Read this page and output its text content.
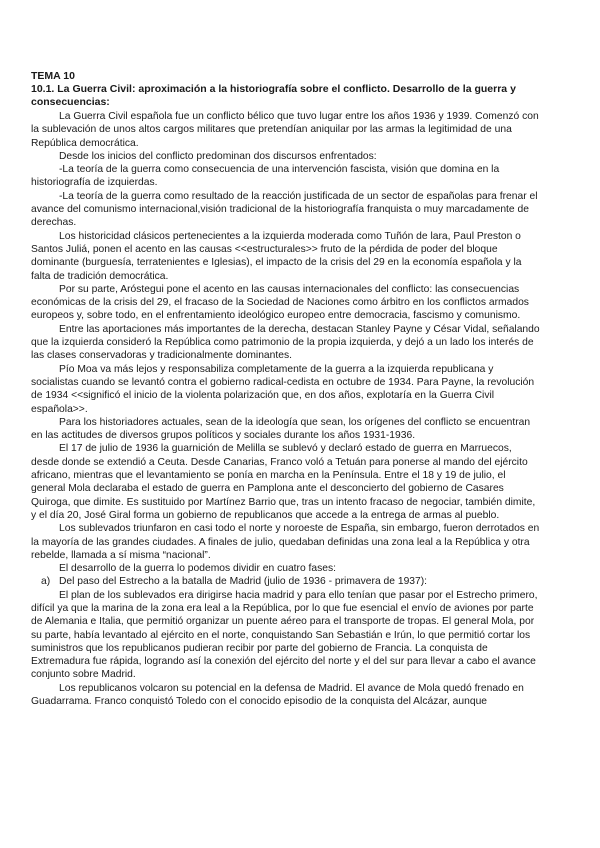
TEMA 10

10.1. La Guerra Civil: aproximación a la historiografía sobre el conflicto. Desarrollo de la guerra y consecuencias:

La Guerra Civil española fue un conflicto bélico que tuvo lugar entre los años 1936 y 1939. Comenzó con la sublevación de unos altos cargos militares que pretendían aniquilar por las armas la legitimidad de una República democrática.

Desde los inicios del conflicto predominan dos discursos enfrentados:

-La teoría de la guerra como consecuencia de una intervención fascista, visión que domina en la historiografía de izquierdas.

-La teoría de la guerra como resultado de la reacción justificada de un sector de españolas para frenar el avance del comunismo internacional,visión tradicional de la historiografía franquista o muy marcadamente de derechas.

Los historicidad clásicos pertenecientes a la izquierda moderada como Tuñón de lara, Paul Preston o Santos Juliá, ponen el acento en las causas <<estructurales>> fruto de la pérdida de poder del bloque dominante (burguesía, terratenientes e Iglesias), el impacto de la crisis del 29 en la economía española y la falta de tradición democrática.

Por su parte, Aróstegui pone el acento en las causas internacionales del conflicto: las consecuencias económicas de la crisis del 29, el fracaso de la Sociedad de Naciones como árbitro en los conflictos armados europeos y, sobre todo, en el enfrentamiento ideológico europeo entre democracia, fascismo y comunismo.

Entre las aportaciones más importantes de la derecha, destacan Stanley Payne y César Vidal, señalando que la izquierda consideró la República como patrimonio de la propia izquierda, y dejó a un lado los interés de las clases conservadoras y tradicionalmente dominantes.

Pío Moa va más lejos y responsabiliza completamente de la guerra a la izquierda republicana y socialistas cuando se levantó contra el gobierno radical-cedista en octubre de 1934. Para Payne, la revolución de 1934 <<significó el inicio de la violenta polarización que, en dos años, explotaría en la Guerra Civil española>>.

Para los historiadores actuales, sean de la ideología que sean, los orígenes del conflicto se encuentran en las actitudes de diversos grupos políticos y sociales durante los años 1931-1936.

El 17 de julio de 1936 la guarnición de Melilla se sublevó y declaró estado de guerra en Marruecos, desde donde se extendió a Ceuta. Desde Canarias, Franco voló a Tetuán para ponerse al mando del ejército africano, mientras que el levantamiento se ponía en marcha en la Península. Entre el 18 y 19 de julio, el general Mola declaraba el estado de guerra en Pamplona ante el desconcierto del gobierno de Casares Quiroga, que dimite. Es sustituido por Martínez Barrio que, tras un intento fracaso de negociar, también dimite, y el día 20, José Giral forma un gobierno de republicanos que accede a la entrega de armas al pueblo.

Los sublevados triunfaron en casi todo el norte y noroeste de España, sin embargo, fueron derrotados en la mayoría de las grandes ciudades. A finales de julio, quedaban definidas una zona leal a la República y otra rebelde, llamada a sí misma “nacional”.

El desarrollo de la guerra lo podemos dividir en cuatro fases:

a) Del paso del Estrecho a la batalla de Madrid (julio de 1936 - primavera de 1937):

El plan de los sublevados era dirigirse hacia madrid y para ello tenían que pasar por el Estrecho primero, difícil ya que la marina de la zona era leal a la República, por lo que fue esencial el envío de aviones por parte de Alemania e Italia, que permitió organizar un puente aéreo para el transporte de tropas. El general Mola, por su parte, había levantado al ejército en el norte, conquistando San Sebastián e Irún, lo que permitió cortar los suministros que los republicanos pudieran recibir por parte del gobierno de Francia. La conquista de Extremadura fue rápida, logrando así la conexión del ejército del norte y el del sur para llevar a cabo el avance conjunto sobre Madrid.

Los republicanos volcaron su potencial en la defensa de Madrid. El avance de Mola quedó frenado en Guadarrama. Franco conquistó Toledo con el conocido episodio de la conquista del Alcázar, aunque
